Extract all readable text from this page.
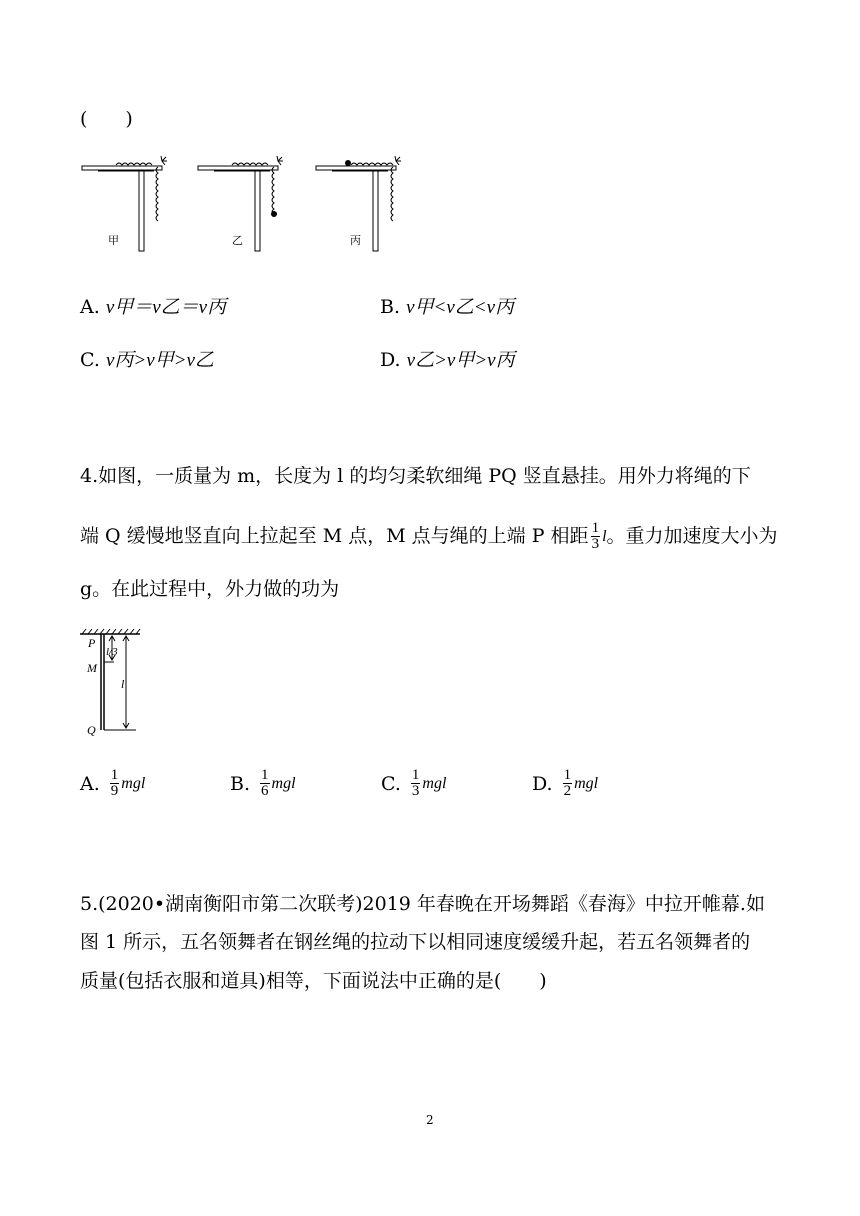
(　　)
甲	乙	丙
A. v甲＝v乙＝v丙	B. v甲<v乙<v丙
C. v丙>v甲>v乙	D. v乙>v甲>v丙
4.如图，一质量为 m，长度为 l 的均匀柔软细绳 PQ 竖直悬挂。用外力将绳的下
端 Q 缓慢地竖直向上拉起至 M 点，M 点与绳的上端 P 相距 $\frac{1}{3}$ l 。重力加速度大小为
g。在此过程中，外力做的功为
P
M
Q
l/3
l
A. $\frac{1}{9}$ mgl	B. $\frac{1}{6}$ mgl	C. $\frac{1}{3}$ mgl	D. $\frac{1}{2}$ mgl
5.(2020•湖南衡阳市第二次联考)2019 年春晚在开场舞蹈《春海》中拉开帷幕.如
图 1 所示，五名领舞者在钢丝绳的拉动下以相同速度缓缓升起，若五名领舞者的
质量(包括衣服和道具)相等，下面说法中正确的是(　　)
2
